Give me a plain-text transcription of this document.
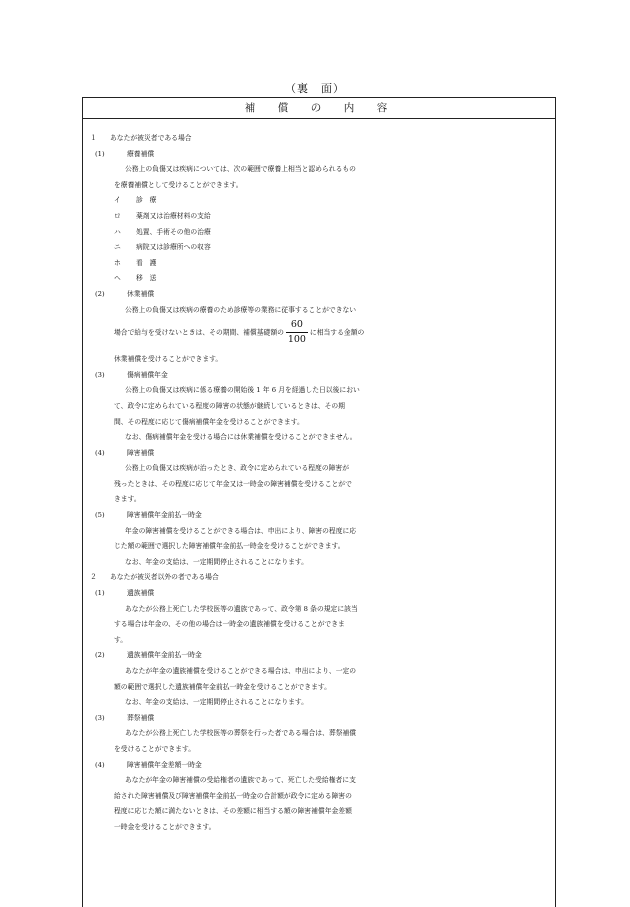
（裏　面）
補　償　の　内　容
１ あなたが被災者である場合
(1)	療養補償
公務上の負傷又は疾病については、次の範囲で療養上相当と認められるもの
を療養補償として受けることができます。
イ 診　療
ロ 薬剤又は治療材料の支給
ハ 処置、手術その他の治療
ニ 病院又は診療所への収容
ホ 看　護
ヘ 移　送
(2)	休業補償
公務上の負傷又は疾病の療養のため診療等の業務に従事することができない
場合で給与を受けないときは、その期間、補償基礎額の $\frac{60}{100}$ に相当する金額の
休業補償を受けることができます。
(3)	傷病補償年金
公務上の負傷又は疾病に係る療養の開始後 1 年 6 月を経過した日以後におい
て、政令に定められている程度の障害の状態が継続しているときは、その期
間、その程度に応じて傷病補償年金を受けることができます。
なお、傷病補償年金を受ける場合には休業補償を受けることができません。
(4)	障害補償
公務上の負傷又は疾病が治ったとき、政令に定められている程度の障害が
残ったときは、その程度に応じて年金又は一時金の障害補償を受けることがで
きます。
(5)	障害補償年金前払一時金
年金の障害補償を受けることができる場合は、申出により、障害の程度に応
じた額の範囲で選択した障害補償年金前払一時金を受けることができます。
なお、年金の支給は、一定期間停止されることになります。
２ あなたが被災者以外の者である場合
(1)	遺族補償
あなたが公務上死亡した学校医等の遺族であって、政令第 8 条の規定に該当
する場合は年金の、その他の場合は一時金の遺族補償を受けることができま
す。
(2)	遺族補償年金前払一時金
あなたが年金の遺族補償を受けることができる場合は、申出により、一定の
額の範囲で選択した遺族補償年金前払一時金を受けることができます。
なお、年金の支給は、一定期間停止されることになります。
(3)	葬祭補償
あなたが公務上死亡した学校医等の葬祭を行った者である場合は、葬祭補償
を受けることができます。
(4)	障害補償年金差額一時金
あなたが年金の障害補償の受給権者の遺族であって、死亡した受給権者に支
給された障害補償及び障害補償年金前払一時金の合計額が政令に定める障害の
程度に応じた額に満たないときは、その差額に相当する額の障害補償年金差額
一時金を受けることができます。
